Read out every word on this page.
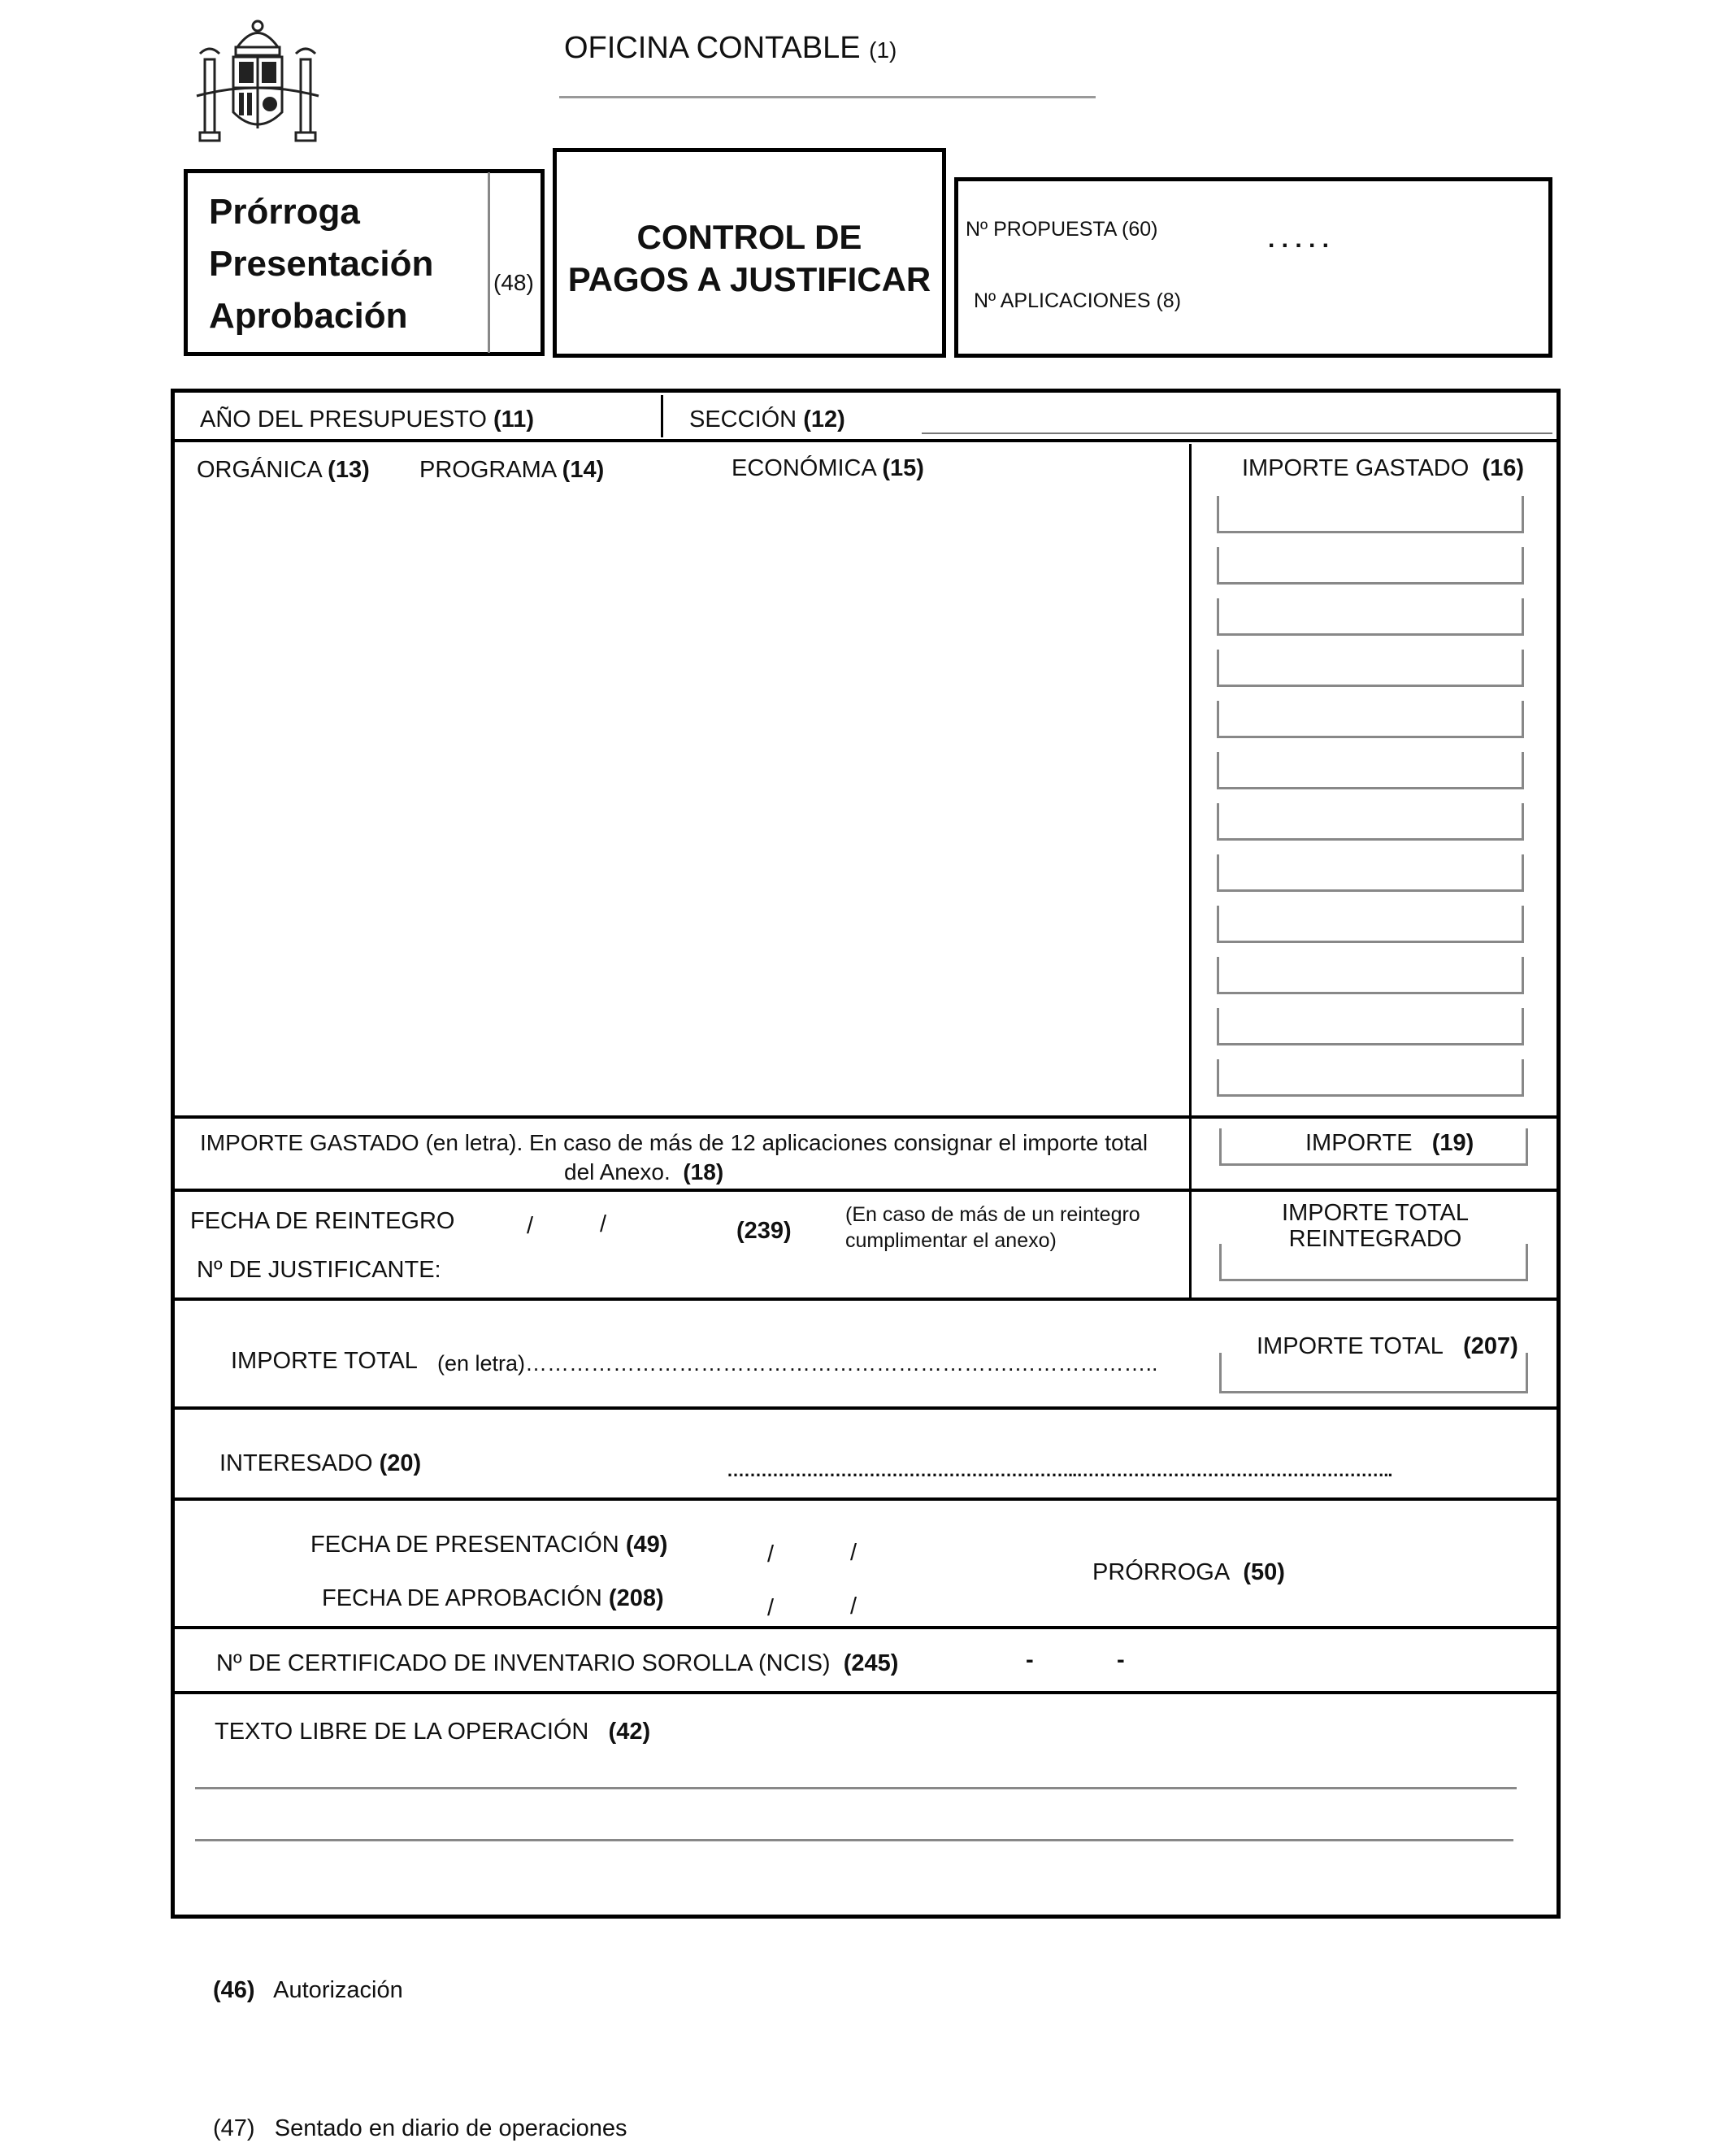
OFICINA CONTABLE (1)
Prórroga
Presentación
Aprobación
(48)
CONTROL DE
PAGOS A JUSTIFICAR
Nº PROPUESTA (60)	. . . . .
Nº APLICACIONES (8)
AÑO DEL PRESUPUESTO (11)	SECCIÓN (12)
ORGÁNICA (13) PROGRAMA (14)	ECONÓMICA (15)	IMPORTE GASTADO (16)
IMPORTE GASTADO (en letra). En caso de más de 12 aplicaciones consignar el importe total
del Anexo. (18)
IMPORTE (19)
FECHA DE REINTEGRO	/	/	(239)
(En caso de más de un reintegro
cumplimentar el anexo)
Nº DE JUSTIFICANTE:
IMPORTE TOTAL
REINTEGRADO
IMPORTE TOTAL (en letra)………………………………………………………….………………..
IMPORTE TOTAL (207)
INTERESADO (20)	……………………………………………………..………………………………………………..
FECHA DE PRESENTACIÓN (49)	/	/
FECHA DE APROBACIÓN (208)	/	/
PRÓRROGA (50)
Nº DE CERTIFICADO DE INVENTARIO SOROLLA (NCIS) (245)	-	-
TEXTO LIBRE DE LA OPERACIÓN (42)
(46) Autorización
(47) Sentado en diario de operaciones
